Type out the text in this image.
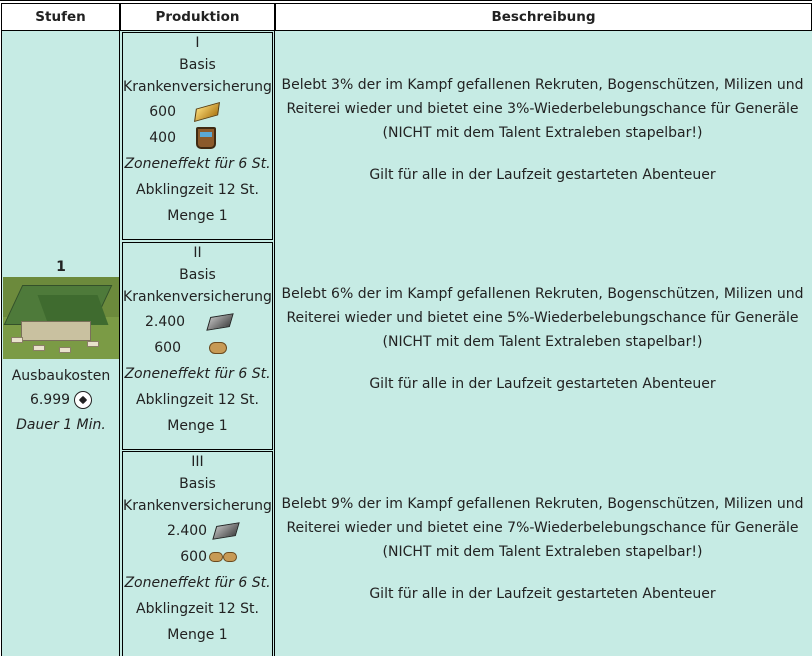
Stufen	Produktion	Beschreibung
1
Ausbaukosten
6.999
Dauer 1 Min.
I
Basis
Krankenversicherung
600
400
Zoneneffekt für 6 St.
Abklingzeit 12 St.
Menge 1
II
Basis
Krankenversicherung
2.400
600
Zoneneffekt für 6 St.
Abklingzeit 12 St.
Menge 1
III
Basis
Krankenversicherung
2.400
600
Zoneneffekt für 6 St.
Abklingzeit 12 St.
Menge 1
Belebt 3% der im Kampf gefallenen Rekruten, Bogenschützen, Milizen und
Reiterei wieder und bietet eine 3%-Wiederbelebungschance für Generäle
(NICHT mit dem Talent Extraleben stapelbar!)
Gilt für alle in der Laufzeit gestarteten Abenteuer
Belebt 6% der im Kampf gefallenen Rekruten, Bogenschützen, Milizen und
Reiterei wieder und bietet eine 5%-Wiederbelebungschance für Generäle
(NICHT mit dem Talent Extraleben stapelbar!)
Gilt für alle in der Laufzeit gestarteten Abenteuer
Belebt 9% der im Kampf gefallenen Rekruten, Bogenschützen, Milizen und
Reiterei wieder und bietet eine 7%-Wiederbelebungschance für Generäle
(NICHT mit dem Talent Extraleben stapelbar!)
Gilt für alle in der Laufzeit gestarteten Abenteuer
